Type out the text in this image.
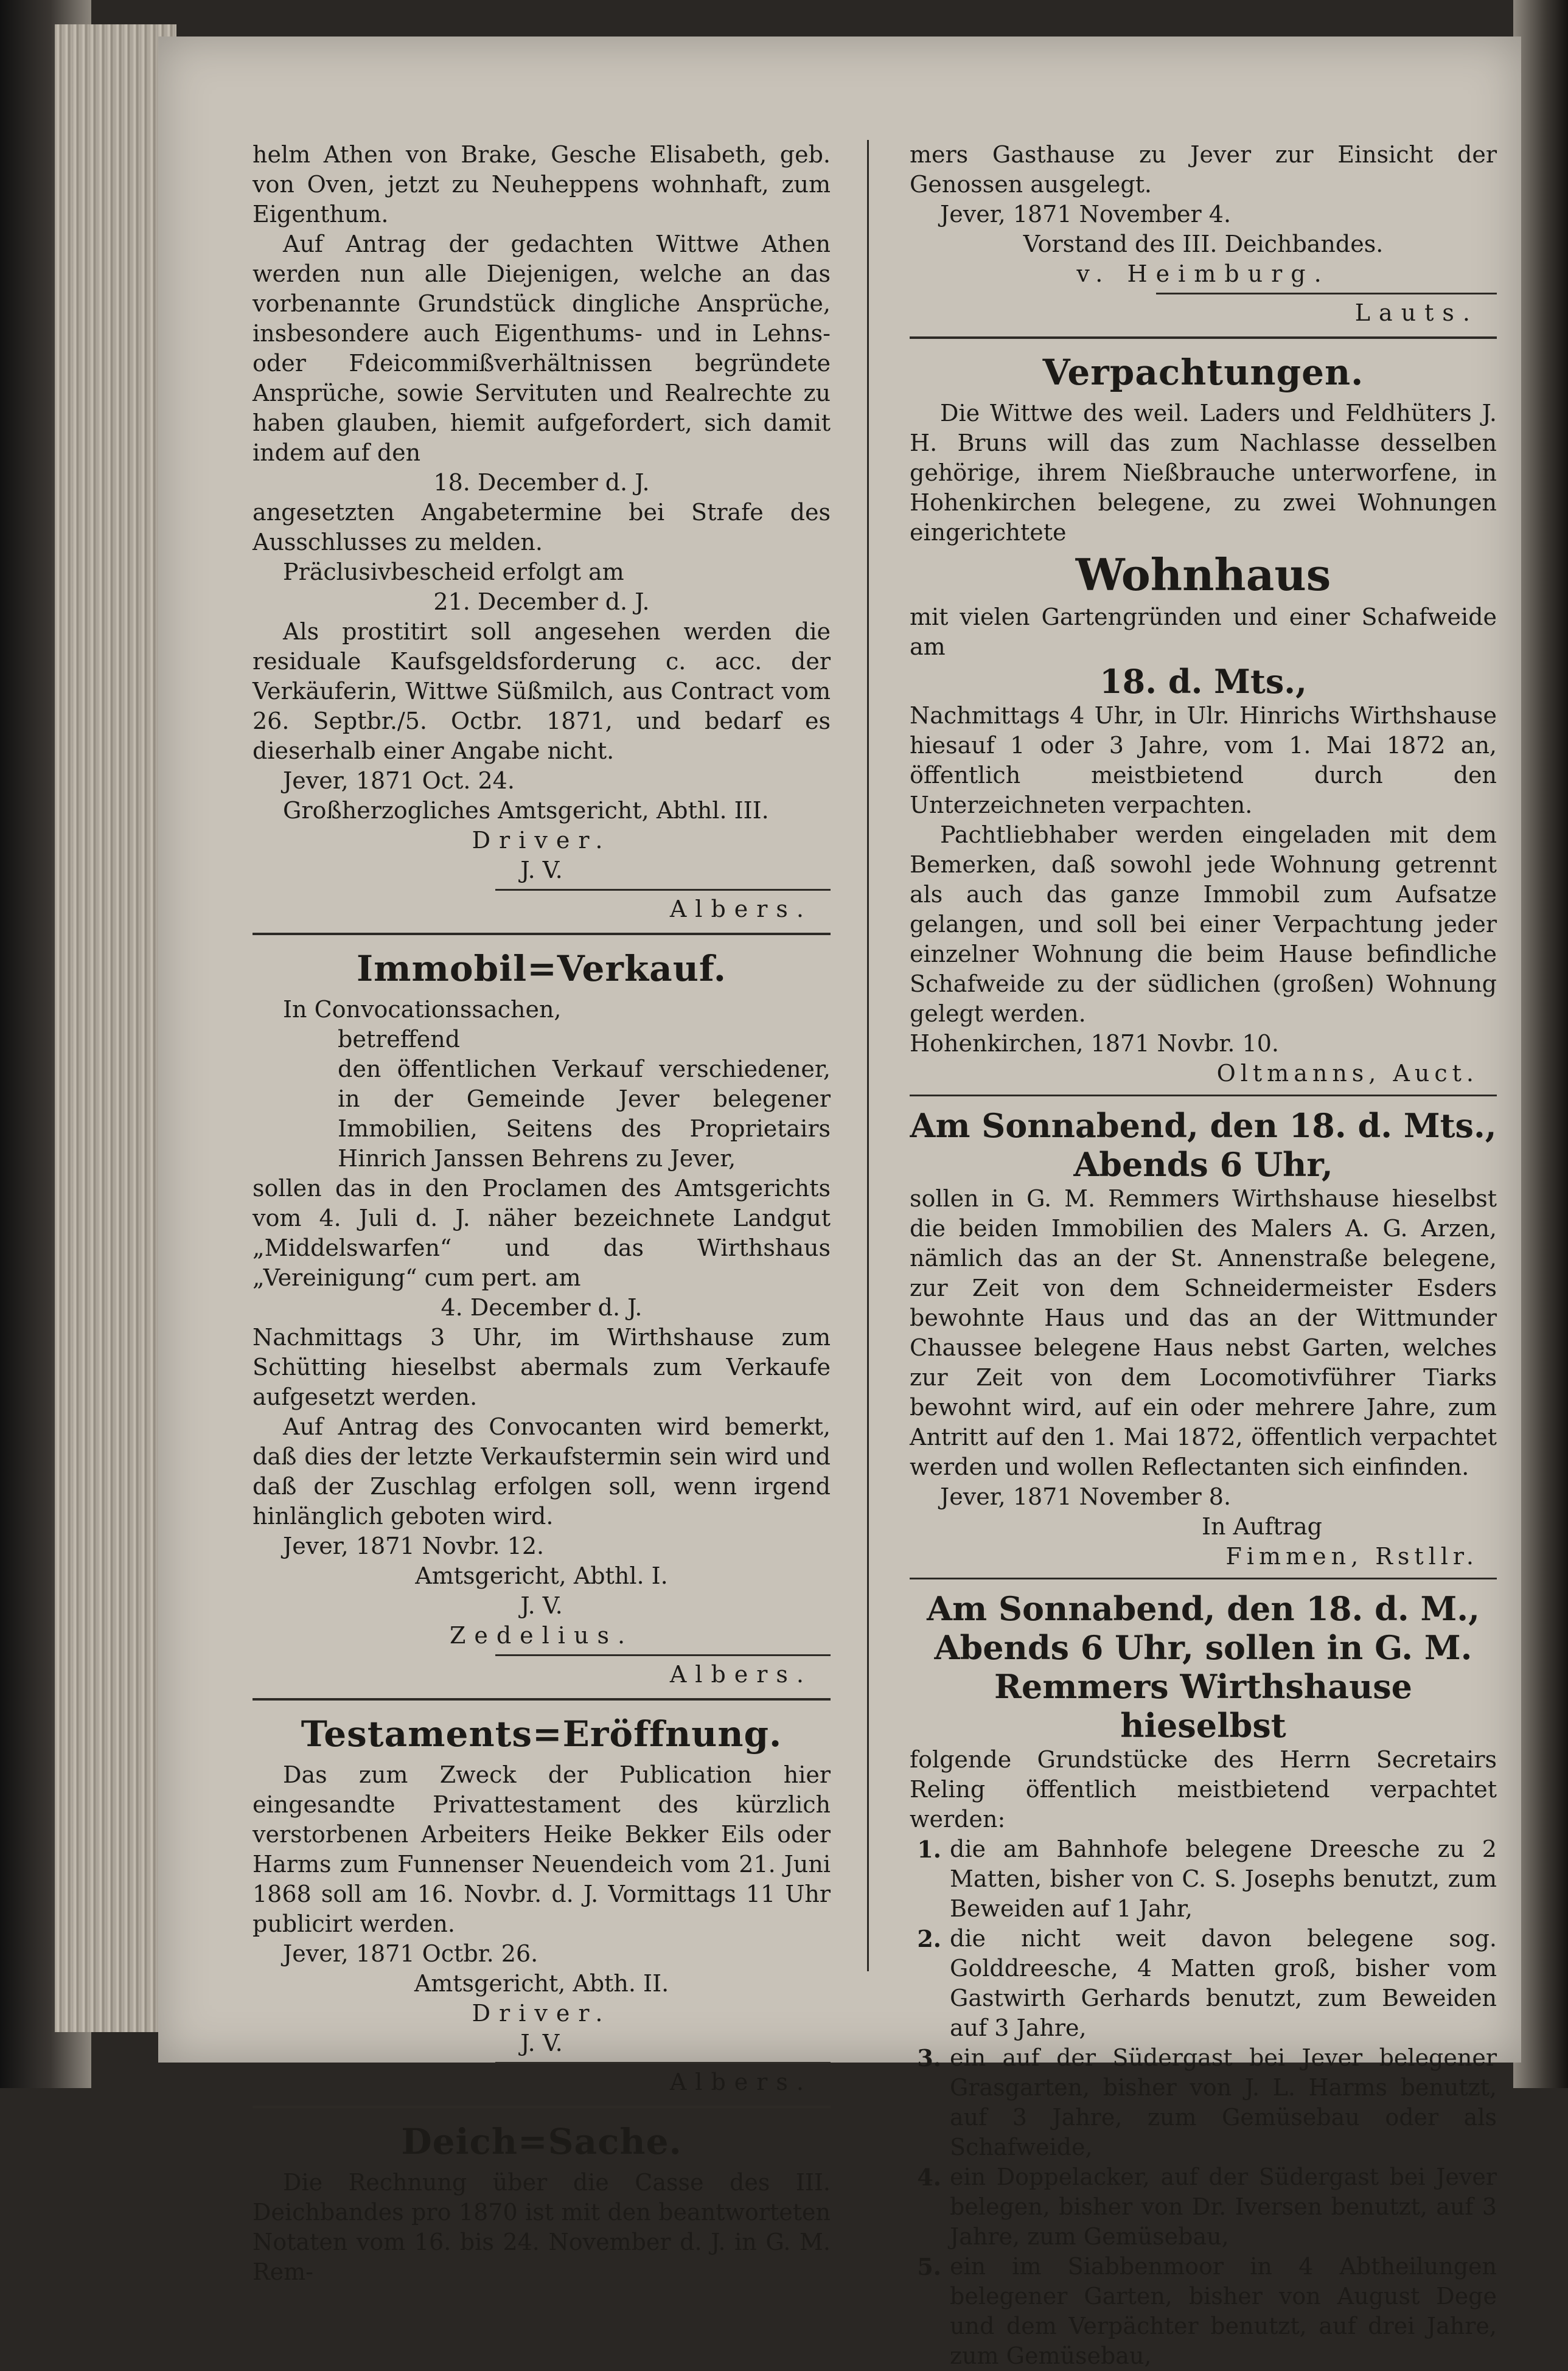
helm Athen von Brake, Gesche Elisabeth, geb. von Oven, jetzt zu Neuheppens wohnhaft, zum Eigenthum.

Auf Antrag der gedachten Wittwe Athen werden nun alle Diejenigen, welche an das vorbenannte Grundstück dingliche Ansprüche, insbesondere auch Eigenthums- und in Lehns- oder Fdeicommißverhältnissen begründete Ansprüche, sowie Servituten und Realrechte zu haben glauben, hiemit aufgefordert, sich damit indem auf den

18. December d. J.

angesetzten Angabetermine bei Strafe des Ausschlusses zu melden.

Präclusivbescheid erfolgt am

21. December d. J.

Als prostitirt soll angesehen werden die residuale Kaufsgeldsforderung c. acc. der Verkäuferin, Wittwe Süßmilch, aus Contract vom 26. Septbr./5. Octbr. 1871, und bedarf es dieserhalb einer Angabe nicht.

Jever, 1871 Oct. 24.

Großherzogliches Amtsgericht, Abthl. III.

Driver.

J. V.

Albers.

Immobil=Verkauf.

In Convocationssachen,

betreffend

den öffentlichen Verkauf verschiedener, in der Gemeinde Jever belegener Immobilien, Seitens des Proprietairs Hinrich Janssen Behrens zu Jever,

sollen das in den Proclamen des Amtsgerichts vom 4. Juli d. J. näher bezeichnete Landgut „Middelswarfen“ und das Wirthshaus „Vereinigung“ cum pert. am

4. December d. J.

Nachmittags 3 Uhr, im Wirthshause zum Schütting hieselbst abermals zum Verkaufe aufgesetzt werden.

Auf Antrag des Convocanten wird bemerkt, daß dies der letzte Verkaufstermin sein wird und daß der Zuschlag erfolgen soll, wenn irgend hinlänglich geboten wird.

Jever, 1871 Novbr. 12.

Amtsgericht, Abthl. I.

J. V.

Zedelius.

Albers.

Testaments=Eröffnung.

Das zum Zweck der Publication hier eingesandte Privattestament des kürzlich verstorbenen Arbeiters Heike Bekker Eils oder Harms zum Funnenser Neuendeich vom 21. Juni 1868 soll am 16. Novbr. d. J. Vormittags 11 Uhr publicirt werden.

Jever, 1871 Octbr. 26.

Amtsgericht, Abth. II.

Driver.

J. V.

Albers.

Deich=Sache.

Die Rechnung über die Casse des III. Deichbandes pro 1870 ist mit den beantworteten Notaten vom 16. bis 24. November d. J. in G. M. Rem-

mers Gasthause zu Jever zur Einsicht der Genossen ausgelegt.

Jever, 1871 November 4.

Vorstand des III. Deichbandes.

v. Heimburg.

Lauts.

Verpachtungen.

Die Wittwe des weil. Laders und Feldhüters J. H. Bruns will das zum Nachlasse desselben gehörige, ihrem Nießbrauche unterworfene, in Hohenkirchen belegene, zu zwei Wohnungen eingerichtete

Wohnhaus

mit vielen Gartengründen und einer Schafweide am

18. d. Mts.,

Nachmittags 4 Uhr, in Ulr. Hinrichs Wirthshause hiesauf 1 oder 3 Jahre, vom 1. Mai 1872 an, öffentlich meistbietend durch den Unterzeichneten verpachten.

Pachtliebhaber werden eingeladen mit dem Bemerken, daß sowohl jede Wohnung getrennt als auch das ganze Immobil zum Aufsatze gelangen, und soll bei einer Verpachtung jeder einzelner Wohnung die beim Hause befindliche Schafweide zu der südlichen (großen) Wohnung gelegt werden.

Hohenkirchen, 1871 Novbr. 10.

Oltmanns, Auct.

Am Sonnabend, den 18. d. Mts.,
Abends 6 Uhr,

sollen in G. M. Remmers Wirthshause hieselbst die beiden Immobilien des Malers A. G. Arzen, nämlich das an der St. Annenstraße belegene, zur Zeit von dem Schneidermeister Esders bewohnte Haus und das an der Wittmunder Chaussee belegene Haus nebst Garten, welches zur Zeit von dem Locomotivführer Tiarks bewohnt wird, auf ein oder mehrere Jahre, zum Antritt auf den 1. Mai 1872, öffentlich verpachtet werden und wollen Reflectanten sich einfinden.

Jever, 1871 November 8.

In Auftrag

Fimmen, Rstllr.

Am Sonnabend, den 18. d. M.,
Abends 6 Uhr, sollen in G. M.
Remmers Wirthshause hieselbst

folgende Grundstücke des Herrn Secretairs Reling öffentlich meistbietend verpachtet werden:

1. die am Bahnhofe belegene Dreesche zu 2 Matten, bisher von C. S. Josephs benutzt, zum Beweiden auf 1 Jahr,
2. die nicht weit davon belegene sog. Golddreesche, 4 Matten groß, bisher vom Gastwirth Gerhards benutzt, zum Beweiden auf 3 Jahre,
3. ein auf der Südergast bei Jever belegener Grasgarten, bisher von J. L. Harms benutzt, auf 3 Jahre, zum Gemüsebau oder als Schafweide,
4. ein Doppelacker, auf der Südergast bei Jever belegen, bisher von Dr. Iversen benutzt, auf 3 Jahre, zum Gemüsebau,
5. ein im Siabbenmoor in 4 Abtheilungen belegener Garten, bisher von August Dege und dem Verpächter benutzt, auf drei Jahre, zum Gemüsebau,
